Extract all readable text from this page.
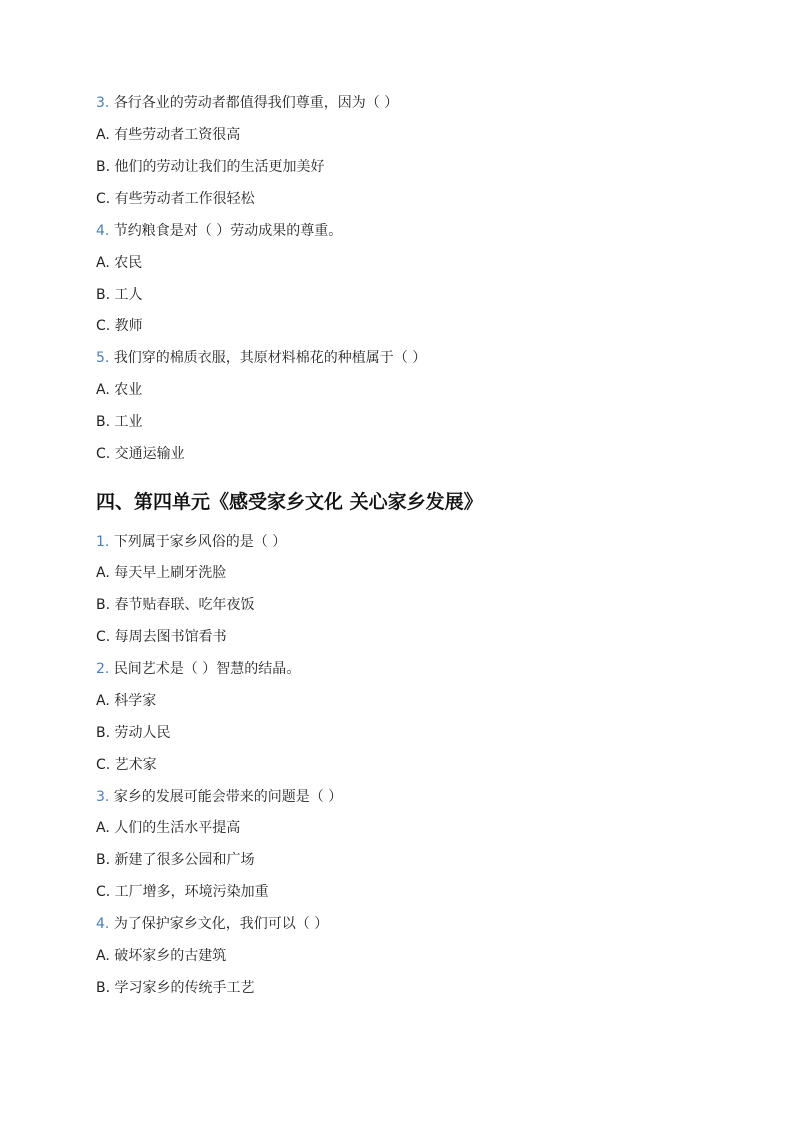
3. 各行各业的劳动者都值得我们尊重，因为（ ）
A. 有些劳动者工资很高
B. 他们的劳动让我们的生活更加美好
C. 有些劳动者工作很轻松
4. 节约粮食是对（ ）劳动成果的尊重。
A. 农民
B. 工人
C. 教师
5. 我们穿的棉质衣服，其原材料棉花的种植属于（ ）
A. 农业
B. 工业
C. 交通运输业
四、第四单元《感受家乡文化 关心家乡发展》
1. 下列属于家乡风俗的是（ ）
A. 每天早上刷牙洗脸
B. 春节贴春联、吃年夜饭
C. 每周去图书馆看书
2. 民间艺术是（ ）智慧的结晶。
A. 科学家
B. 劳动人民
C. 艺术家
3. 家乡的发展可能会带来的问题是（ ）
A. 人们的生活水平提高
B. 新建了很多公园和广场
C. 工厂增多，环境污染加重
4. 为了保护家乡文化，我们可以（ ）
A. 破坏家乡的古建筑
B. 学习家乡的传统手工艺
